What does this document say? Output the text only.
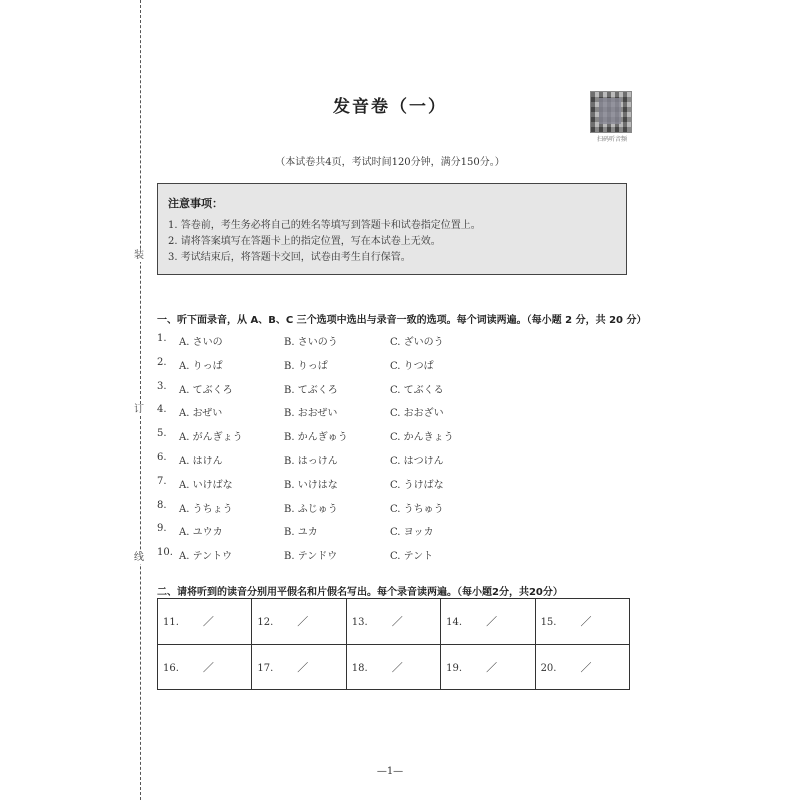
装
订
线
发音卷（一）
扫码听音频
（本试卷共4页，考试时间120分钟，满分150分。）
注意事项：
1. 答卷前，考生务必将自己的姓名等填写到答题卡和试卷指定位置上。
2. 请将答案填写在答题卡上的指定位置，写在本试卷上无效。
3. 考试结束后，将答题卡交回，试卷由考生自行保管。
一、听下面录音，从 A、B、C 三个选项中选出与录音一致的选项。每个词读两遍。（每小题 2 分，共 20 分）
1. A. さいの	B. さいのう	C. ざいのう
2. A. りっぱ	B. りっぱ	C. りつぱ
3. A. てぶくろ	B. てぶくろ	C. てぶくる
4. A. おぜい	B. おおぜい	C. おおざい
5. A. がんぎょう	B. かんぎゅう	C. かんきょう
6. A. はけん	B. はっけん	C. はつけん
7. A. いけばな	B. いけはな	C. うけばな
8. A. うちょう	B. ふじゅう	C. うちゅう
9. A. ユウカ	B. ユカ	C. ヨッカ
10. A. テントウ	B. テンドウ	C. テント
二、请将听到的读音分别用平假名和片假名写出。每个录音读两遍。（每小题2分，共20分）
11. ／	12. ／	13. ／	14. ／	15. ／
16. ／	17. ／	18. ／	19. ／	20. ／
—1—
